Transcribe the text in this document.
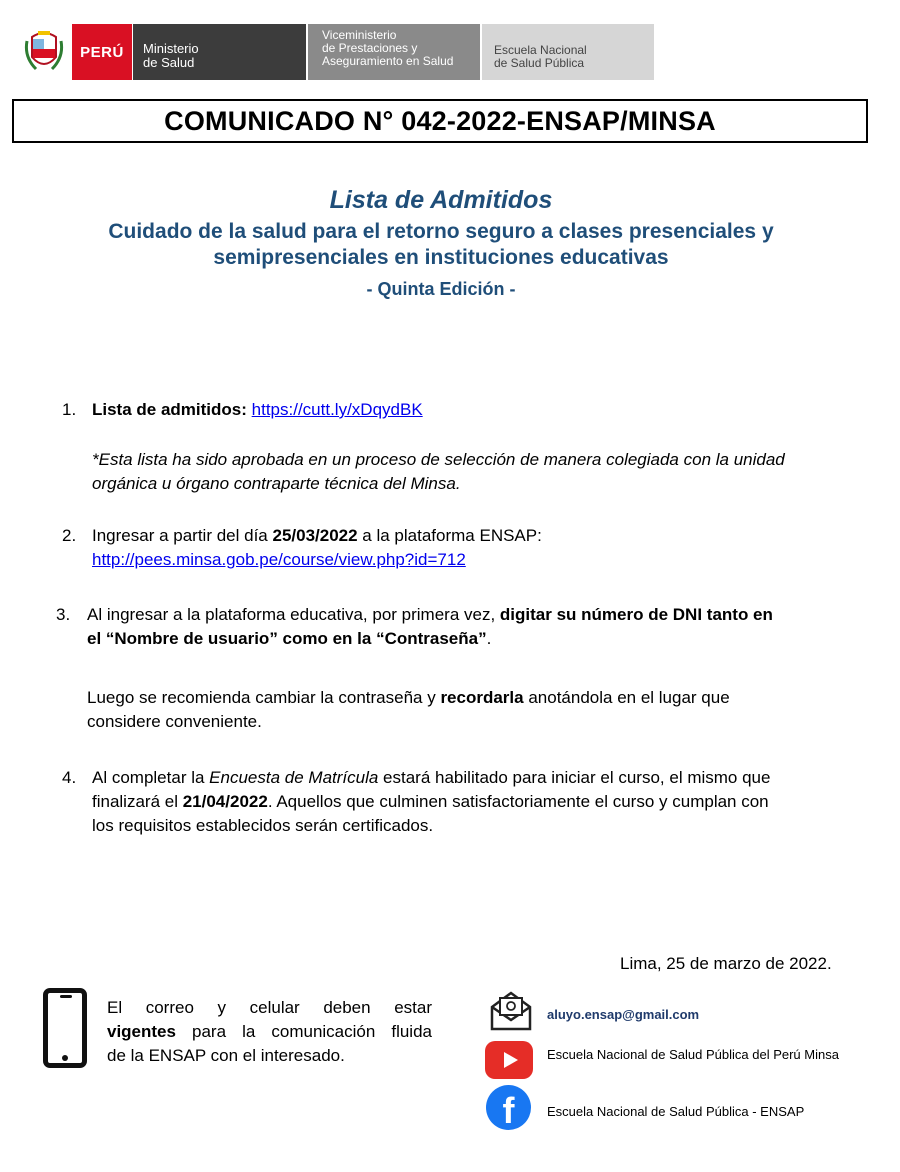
PERÚ Ministerio
de Salud
Viceministerio
de Prestaciones y
Aseguramiento en Salud
Escuela Nacional
de Salud Pública
COMUNICADO N° 042-2022-ENSAP/MINSA
Lista de Admitidos
Cuidado de la salud para el retorno seguro a clases presenciales y
semipresenciales en instituciones educativas
- Quinta Edición -
1. Lista de admitidos: https://cutt.ly/xDqydBK
*Esta lista ha sido aprobada en un proceso de selección de manera colegiada con la unidad
orgánica u órgano contraparte técnica del Minsa.
2. Ingresar a partir del día 25/03/2022 a la plataforma ENSAP:
http://pees.minsa.gob.pe/course/view.php?id=712
3. Al ingresar a la plataforma educativa, por primera vez, digitar su número de DNI tanto en
el “Nombre de usuario” como en la “Contraseña”.
Luego se recomienda cambiar la contraseña y recordarla anotándola en el lugar que
considere conveniente.
4. Al completar la Encuesta de Matrícula estará habilitado para iniciar el curso, el mismo que
finalizará el 21/04/2022. Aquellos que culminen satisfactoriamente el curso y cumplan con
los requisitos establecidos serán certificados.
Lima, 25 de marzo de 2022.
El correo y celular deben estar
vigentes para la comunicación fluida
de la ENSAP con el interesado.
aluyo.ensap@gmail.com
Escuela Nacional de Salud Pública del Perú Minsa
f	Escuela Nacional de Salud Pública - ENSAP
